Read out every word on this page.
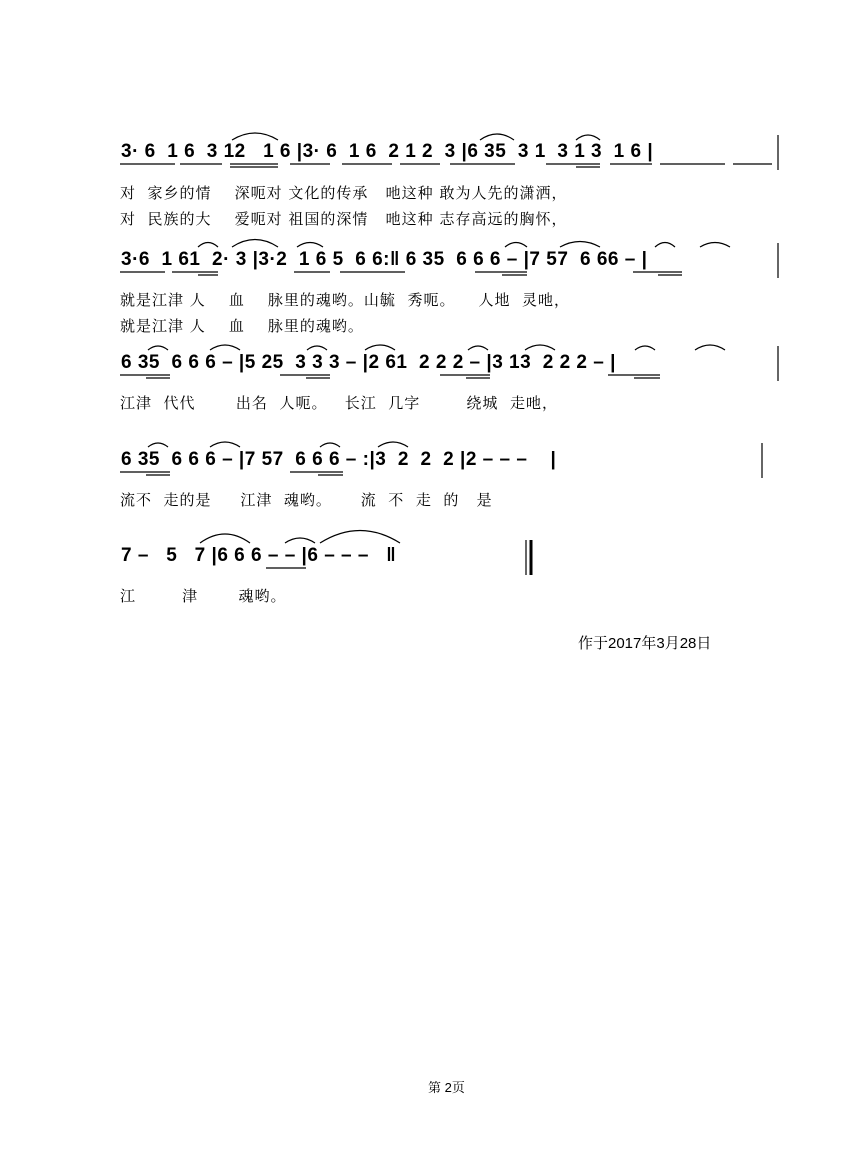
3· 6  1 6  3 12   1 6 |3· 6  1 6  2 1 2  3 |6 35  3 1  3 1 3  1 6 |
对  家乡的情    深呃对 文化的传承   吔这种 敢为人先的潇洒，
对  民族的大    爱呃对 祖国的深情   吔这种 志存高远的胸怀，
3·6  1 61  2· 3 |3·2  1 6 5  6 6:‖ 6 35  6 6 6 – |7 57  6 66 – |
就是江津 人    血    脉里的魂哟。山毓  秀呃。    人地  灵吔，
就是江津 人    血    脉里的魂哟。
6 35  6 6 6 – |5 25  3 3 3 – |2 61  2 2 2 – |3 13  2 2 2 – |
江津  代代       出名  人呃。   长江  几字        绕城  走吔，
6 35  6 6 6 – |7 57  6 6 6 – :|3  2  2  2 |2 – – –    |
流不  走的是     江津  魂哟。     流  不  走  的   是
7 –   5   7 |6 6 6 – – |6 – – –   ‖
江        津       魂哟。
作于2017年3月28日
第 2页
